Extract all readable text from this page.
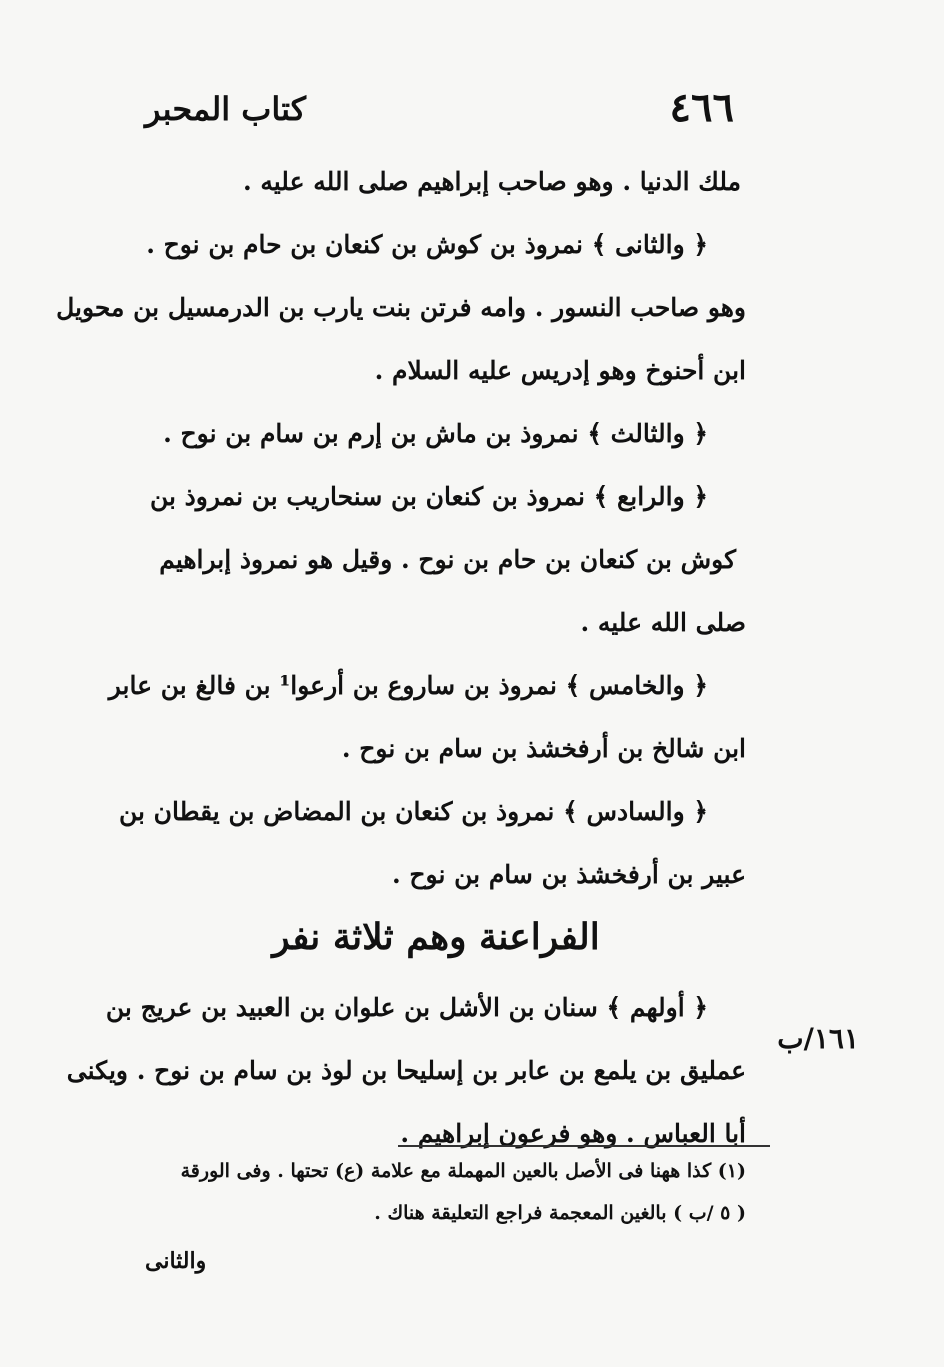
٤٦٦
كتاب المحبر
ملك الدنيا . وهو صاحب إبراهيم صلى الله عليه .
﴿ والثانى ﴾ نمروذ بن كوش بن كنعان بن حام بن نوح .
وهو صاحب النسور . وامه فرتن بنت يارب بن الدرمسيل بن محويل
ابن أحنوخ وهو إدريس عليه السلام .
﴿ والثالث ﴾ نمروذ بن ماش بن إرم بن سام بن نوح .
﴿ والرابع ﴾ نمروذ بن كنعان بن سنحاريب بن نمروذ بن
كوش بن كنعان بن حام بن نوح . وقيل هو نمروذ إبراهيم
صلى الله عليه .
﴿ والخامس ﴾ نمروذ بن ساروع بن أرعوا¹ بن فالغ بن عابر
ابن شالخ بن أرفخشذ بن سام بن نوح .
﴿ والسادس ﴾ نمروذ بن كنعان بن المضاض بن يقطان بن
عبير بن أرفخشذ بن سام بن نوح .
الفراعنة وهم ثلاثة نفر
﴿ أولهم ﴾ سنان بن الأشل بن علوان بن العبيد بن عريج بن
عمليق بن يلمع بن عابر بن إسليحا بن لوذ بن سام بن نوح . ويكنى
أبا العباس . وهو فرعون إبراهيم .
١٦١/ب
(١) كذا ههنا فى الأصل بالعين المهملة مع علامة (ع) تحتها . وفى الورقة
( ٥ /ب ) بالغين المعجمة فراجع التعليقة هناك .
والثانى
